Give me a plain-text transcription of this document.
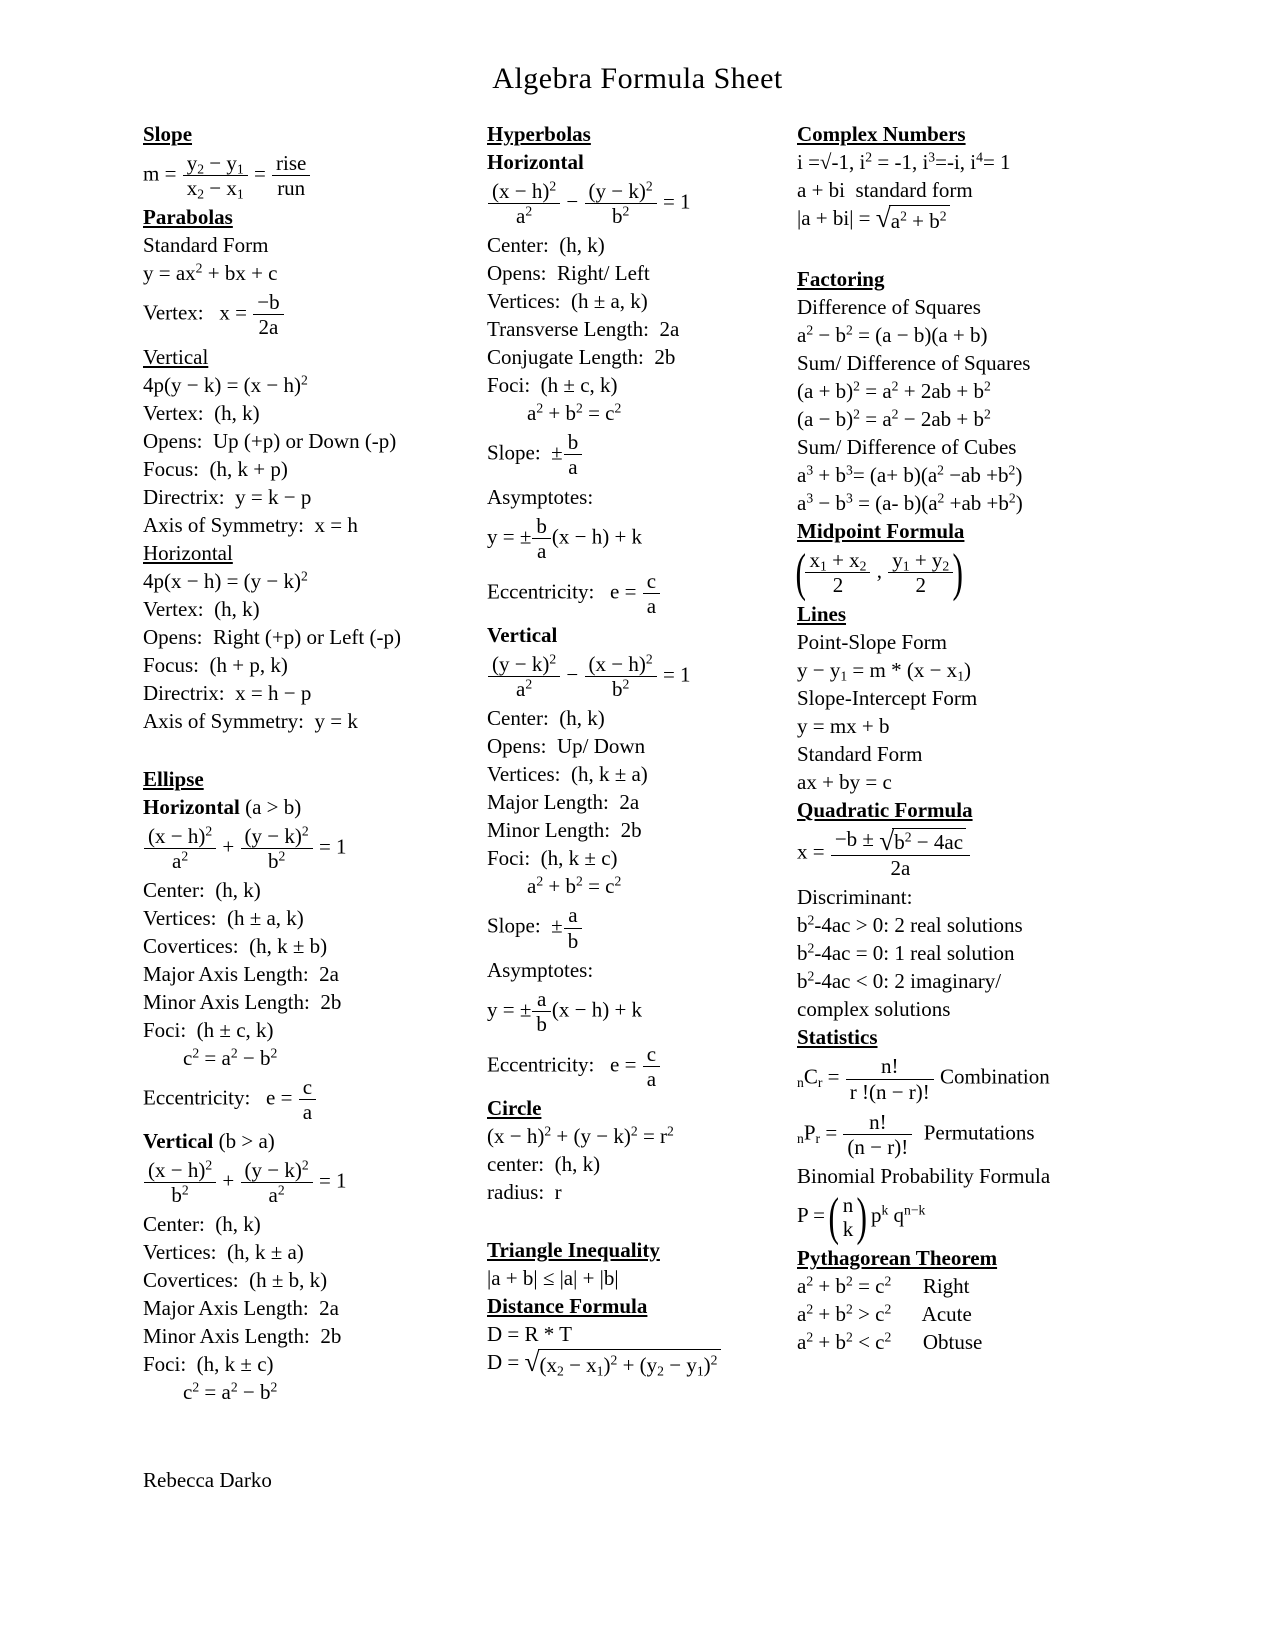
Algebra Formula Sheet
Slope
$m = \frac{y_2 - y_1}{x_2 - x_1} = \frac{\text{rise}}{\text{run}}$
Parabolas
Standard Form
$y = ax^2$ + bx + c
Vertex:   $x = \frac{-b}{2a}$
Vertical
$4p(y - k) = (x - h)^2$
Vertex:  (h, k)
Opens:  Up (+p) or Down (-p)
Focus:  (h, k + p)
Directrix:  y = k − p
Axis of Symmetry:  x = h
Horizontal
$4p(x - h) = (y - k)^2$
Vertex:  (h, k)
Opens:  Right (+p) or Left (-p)
Focus:  (h + p, k)
Directrix:  x = h − p
Axis of Symmetry:  y = k
Ellipse
Horizontal (a > b)
$\frac{(x - h)^2}{a^2} + \frac{(y - k)^2}{b^2} = 1$
Center:  (h, k)
Vertices:  (h ± a, k)
Covertices:  (h, k ± b)
Major Axis Length:  2a
Minor Axis Length:  2b
Foci:  (h ± c, k)
$c^2 = a^2 - b^2$
Eccentricity:   $e = \frac{c}{a}$
Vertical (b > a)
$\frac{(x - h)^2}{b^2} + \frac{(y - k)^2}{a^2} = 1$
Center:  (h, k)
Vertices:  (h, k ± a)
Covertices:  (h ± b, k)
Major Axis Length:  2a
Minor Axis Length:  2b
Foci:  (h, k ± c)
$c^2 = a^2 - b^2$
Hyperbolas
Horizontal
$\frac{(x - h)^2}{a^2} - \frac{(y - k)^2}{b^2} = 1$
Center:  (h, k)
Opens:  Right/ Left
Vertices:  (h ± a, k)
Transverse Length:  2a
Conjugate Length:  2b
Foci:  (h ± c, k)
$a^2 + b^2 = c^2$
Slope:  ± $\frac{b}{a}$
Asymptotes:
y = ± $\frac{b}{a} (x - h) + k$
Eccentricity:   $e = \frac{c}{a}$
Vertical
$\frac{(y - k)^2}{a^2} - \frac{(x - h)^2}{b^2} = 1$
Center:  (h, k)
Opens:  Up/ Down
Vertices:  (h, k ± a)
Major Length:  2a
Minor Length:  2b
Foci:  (h, k ± c)
$a^2 + b^2 = c^2$
Slope:  ± $\frac{a}{b}$
Asymptotes:
y = ± $\frac{a}{b} (x - h) + k$
Eccentricity:   $e = \frac{c}{a}$
Circle
$(x - h)^2 + (y - k)^2 = r^2$
center:  (h, k)
radius:  r
Triangle Inequality
|a + b| ≤ |a| + |b|
Distance Formula
D = R * T
D = √ $(x_2 - x_1)^2 + (y_2 - y_1)^2$
Complex Numbers
i =√-1, $i^2 = -1$, $i^3=-i$, $i^4= 1$
a + bi  standard form
|a + bi| = √ $a^2 + b^2$
Factoring
Difference of Squares
$a^2 - b^2 = (a - b)(a + b)$
Sum/ Difference of Squares
$(a + b)^2 = a^2 + 2ab + b^2$
$(a - b)^2 = a^2 - 2ab + b^2$
Sum/ Difference of Cubes
$a^3 + b^3= (a+ b)(a^2 -ab +b^2)$
$a^3 - b^3 = (a-$ $b)(a^2 +ab +b^2)$
Midpoint Formula
( $\frac{x_1 + x_2}{2}$ , $\frac{y_1 + y_2}{2}$ )
Lines
Point-Slope Form
$y - y_1 = m * (x - x_1)$
Slope-Intercept Form
y = mx + b
Standard Form
ax + by = c
Quadratic Formula
$x = \frac{-b \pm √ b^2 - 4ac}{2a}$
Discriminant:
$b^2-4ac > 0$: 2 real solutions
$b^2-4ac = 0$: 1 real solution
$b^2-4ac < 0$: 2 imaginary/
complex solutions
Statistics
$_nC_r = \frac{n!}{r !(n - r)!}$ Combination
$_nP_r = \frac{n!}{(n - r)!}$ Permutations
Binomial Probability Formula
P = ( n
k ) $p^k$ $q^{n-k}$
Pythagorean Theorem
$a^2 + b^2 = c^2$      Right
$a^2 + b^2 > c^2$      Acute
$a^2 + b^2 < c^2$      Obtuse
Rebecca Darko
